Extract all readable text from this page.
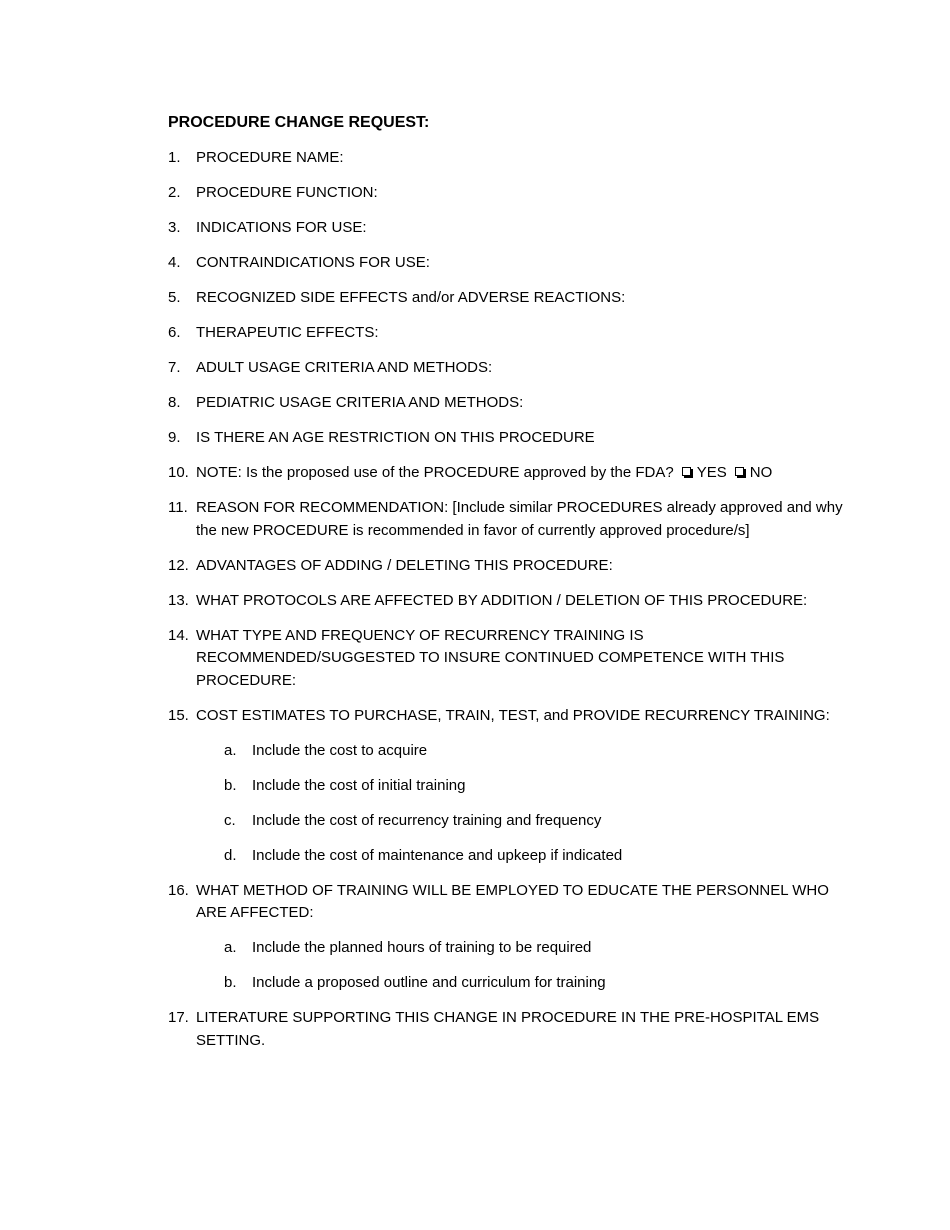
PROCEDURE CHANGE REQUEST:
1.	PROCEDURE NAME:
2.	PROCEDURE FUNCTION:
3.	INDICATIONS FOR USE:
4.	CONTRAINDICATIONS FOR USE:
5.	RECOGNIZED SIDE EFFECTS and/or ADVERSE REACTIONS:
6.	THERAPEUTIC EFFECTS:
7.	ADULT USAGE CRITERIA AND METHODS:
8.	PEDIATRIC USAGE CRITERIA AND METHODS:
9.	IS THERE AN AGE RESTRICTION ON THIS PROCEDURE
10. NOTE: Is the proposed use of the PROCEDURE approved by the FDA? YES NO
11. REASON FOR RECOMMENDATION: [Include similar PROCEDURES already approved and why the new PROCEDURE is recommended in favor of currently approved procedure/s]
12. ADVANTAGES OF ADDING / DELETING THIS PROCEDURE:
13. WHAT PROTOCOLS ARE AFFECTED BY ADDITION / DELETION OF THIS PROCEDURE:
14. WHAT TYPE AND FREQUENCY OF RECURRENCY TRAINING IS RECOMMENDED/SUGGESTED TO INSURE CONTINUED COMPETENCE WITH THIS PROCEDURE:
15. COST ESTIMATES TO PURCHASE, TRAIN, TEST, and PROVIDE RECURRENCY TRAINING:
a.	Include the cost to acquire
b.	Include the cost of initial training
c.	Include the cost of recurrency training and frequency
d.	Include the cost of maintenance and upkeep if indicated
16. WHAT METHOD OF TRAINING WILL BE EMPLOYED TO EDUCATE THE PERSONNEL WHO ARE AFFECTED:
a.	Include the planned hours of training to be required
b.	Include a proposed outline and curriculum for training
17. LITERATURE SUPPORTING THIS CHANGE IN PROCEDURE IN THE PRE-HOSPITAL EMS SETTING.
